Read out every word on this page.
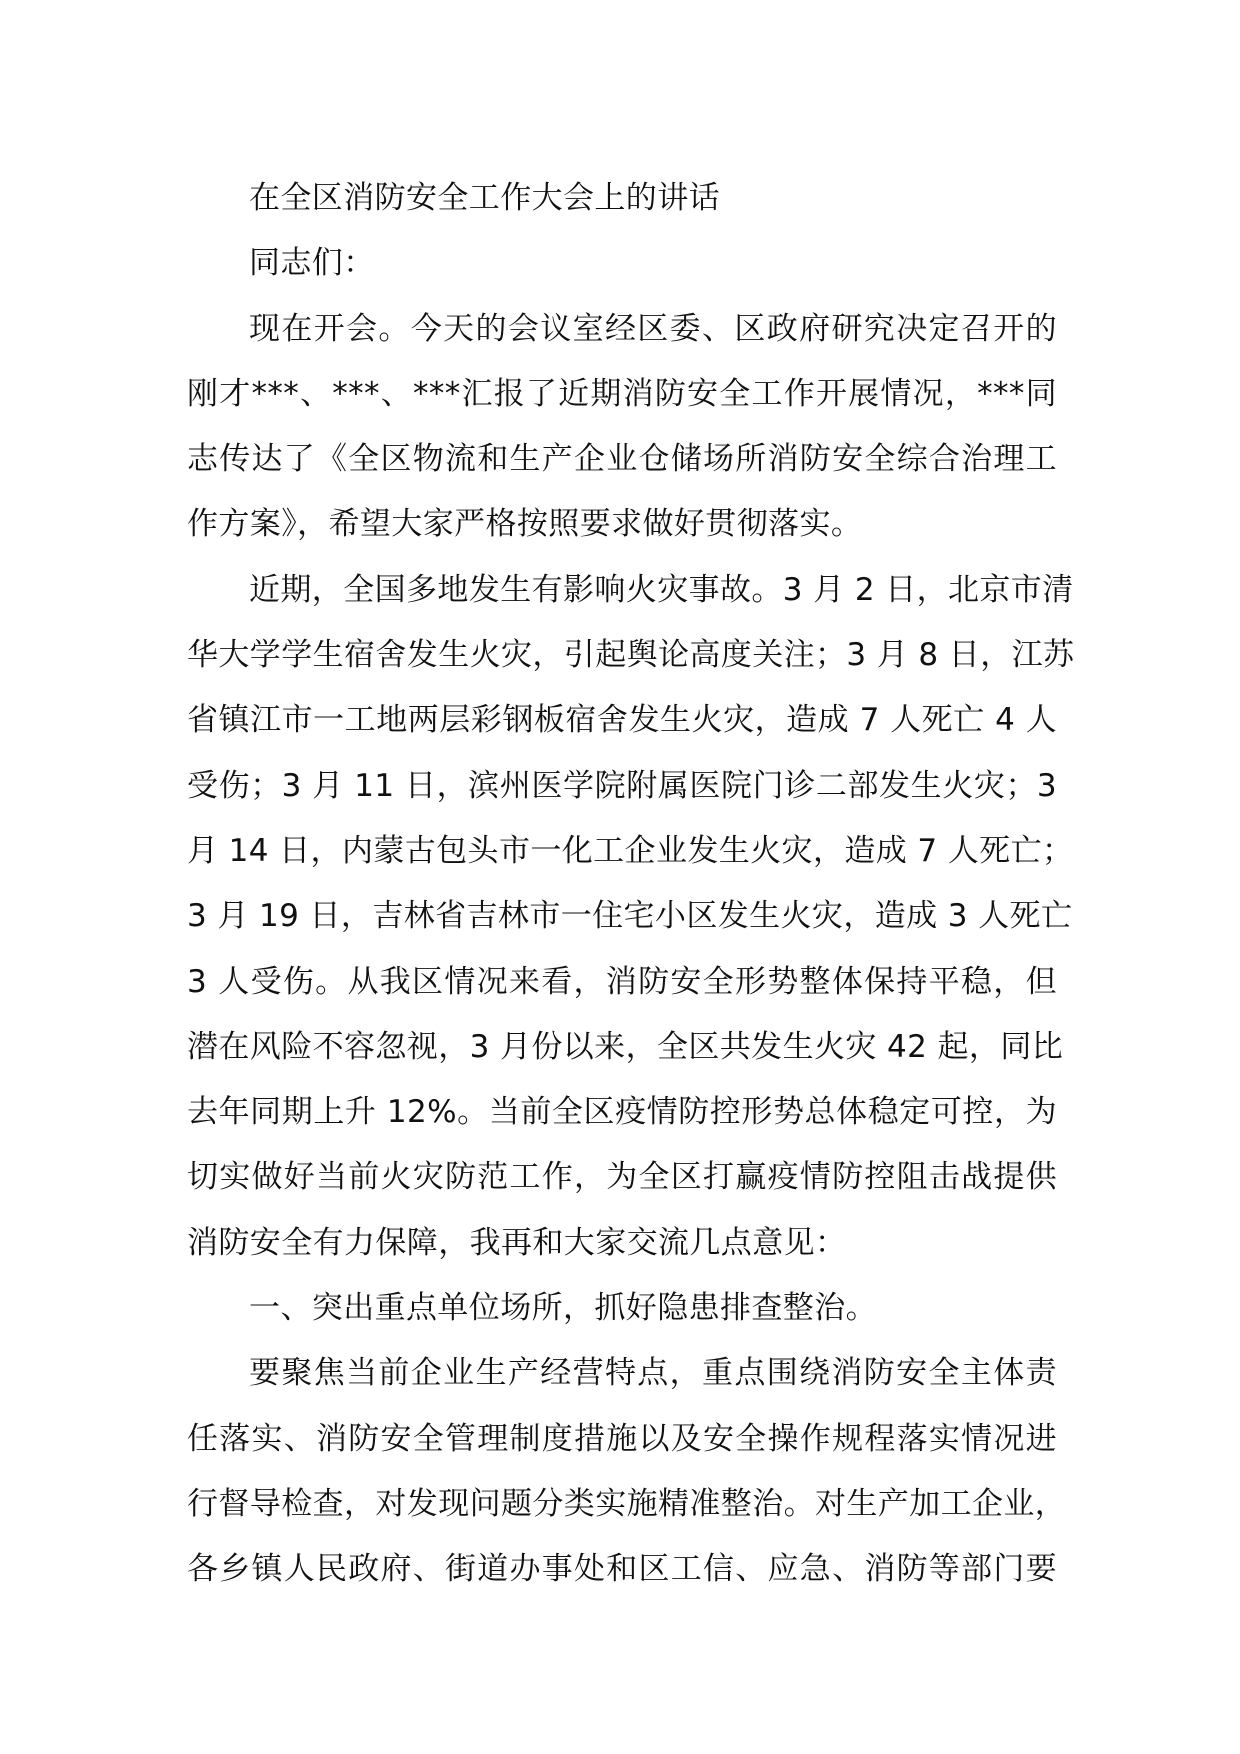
在全区消防安全工作大会上的讲话

同志们：

现在开会。今天的会议室经区委、区政府研究决定召开的

刚才***、***、***汇报了近期消防安全工作开展情况，***同

志传达了《全区物流和生产企业仓储场所消防安全综合治理工

作方案》，希望大家严格按照要求做好贯彻落实。

近期，全国多地发生有影响火灾事故。3 月 2 日，北京市清

华大学学生宿舍发生火灾，引起舆论高度关注；3 月 8 日，江苏

省镇江市一工地两层彩钢板宿舍发生火灾，造成 7 人死亡 4 人

受伤；3 月 11 日，滨州医学院附属医院门诊二部发生火灾；3

月 14 日，内蒙古包头市一化工企业发生火灾，造成 7 人死亡；

3 月 19 日，吉林省吉林市一住宅小区发生火灾，造成 3 人死亡

3 人受伤。从我区情况来看，消防安全形势整体保持平稳，但

潜在风险不容忽视，3 月份以来，全区共发生火灾 42 起，同比

去年同期上升 12%。当前全区疫情防控形势总体稳定可控，为

切实做好当前火灾防范工作，为全区打赢疫情防控阻击战提供

消防安全有力保障，我再和大家交流几点意见：

一、突出重点单位场所，抓好隐患排查整治。

要聚焦当前企业生产经营特点，重点围绕消防安全主体责

任落实、消防安全管理制度措施以及安全操作规程落实情况进

行督导检查，对发现问题分类实施精准整治。对生产加工企业，

各乡镇人民政府、街道办事处和区工信、应急、消防等部门要
